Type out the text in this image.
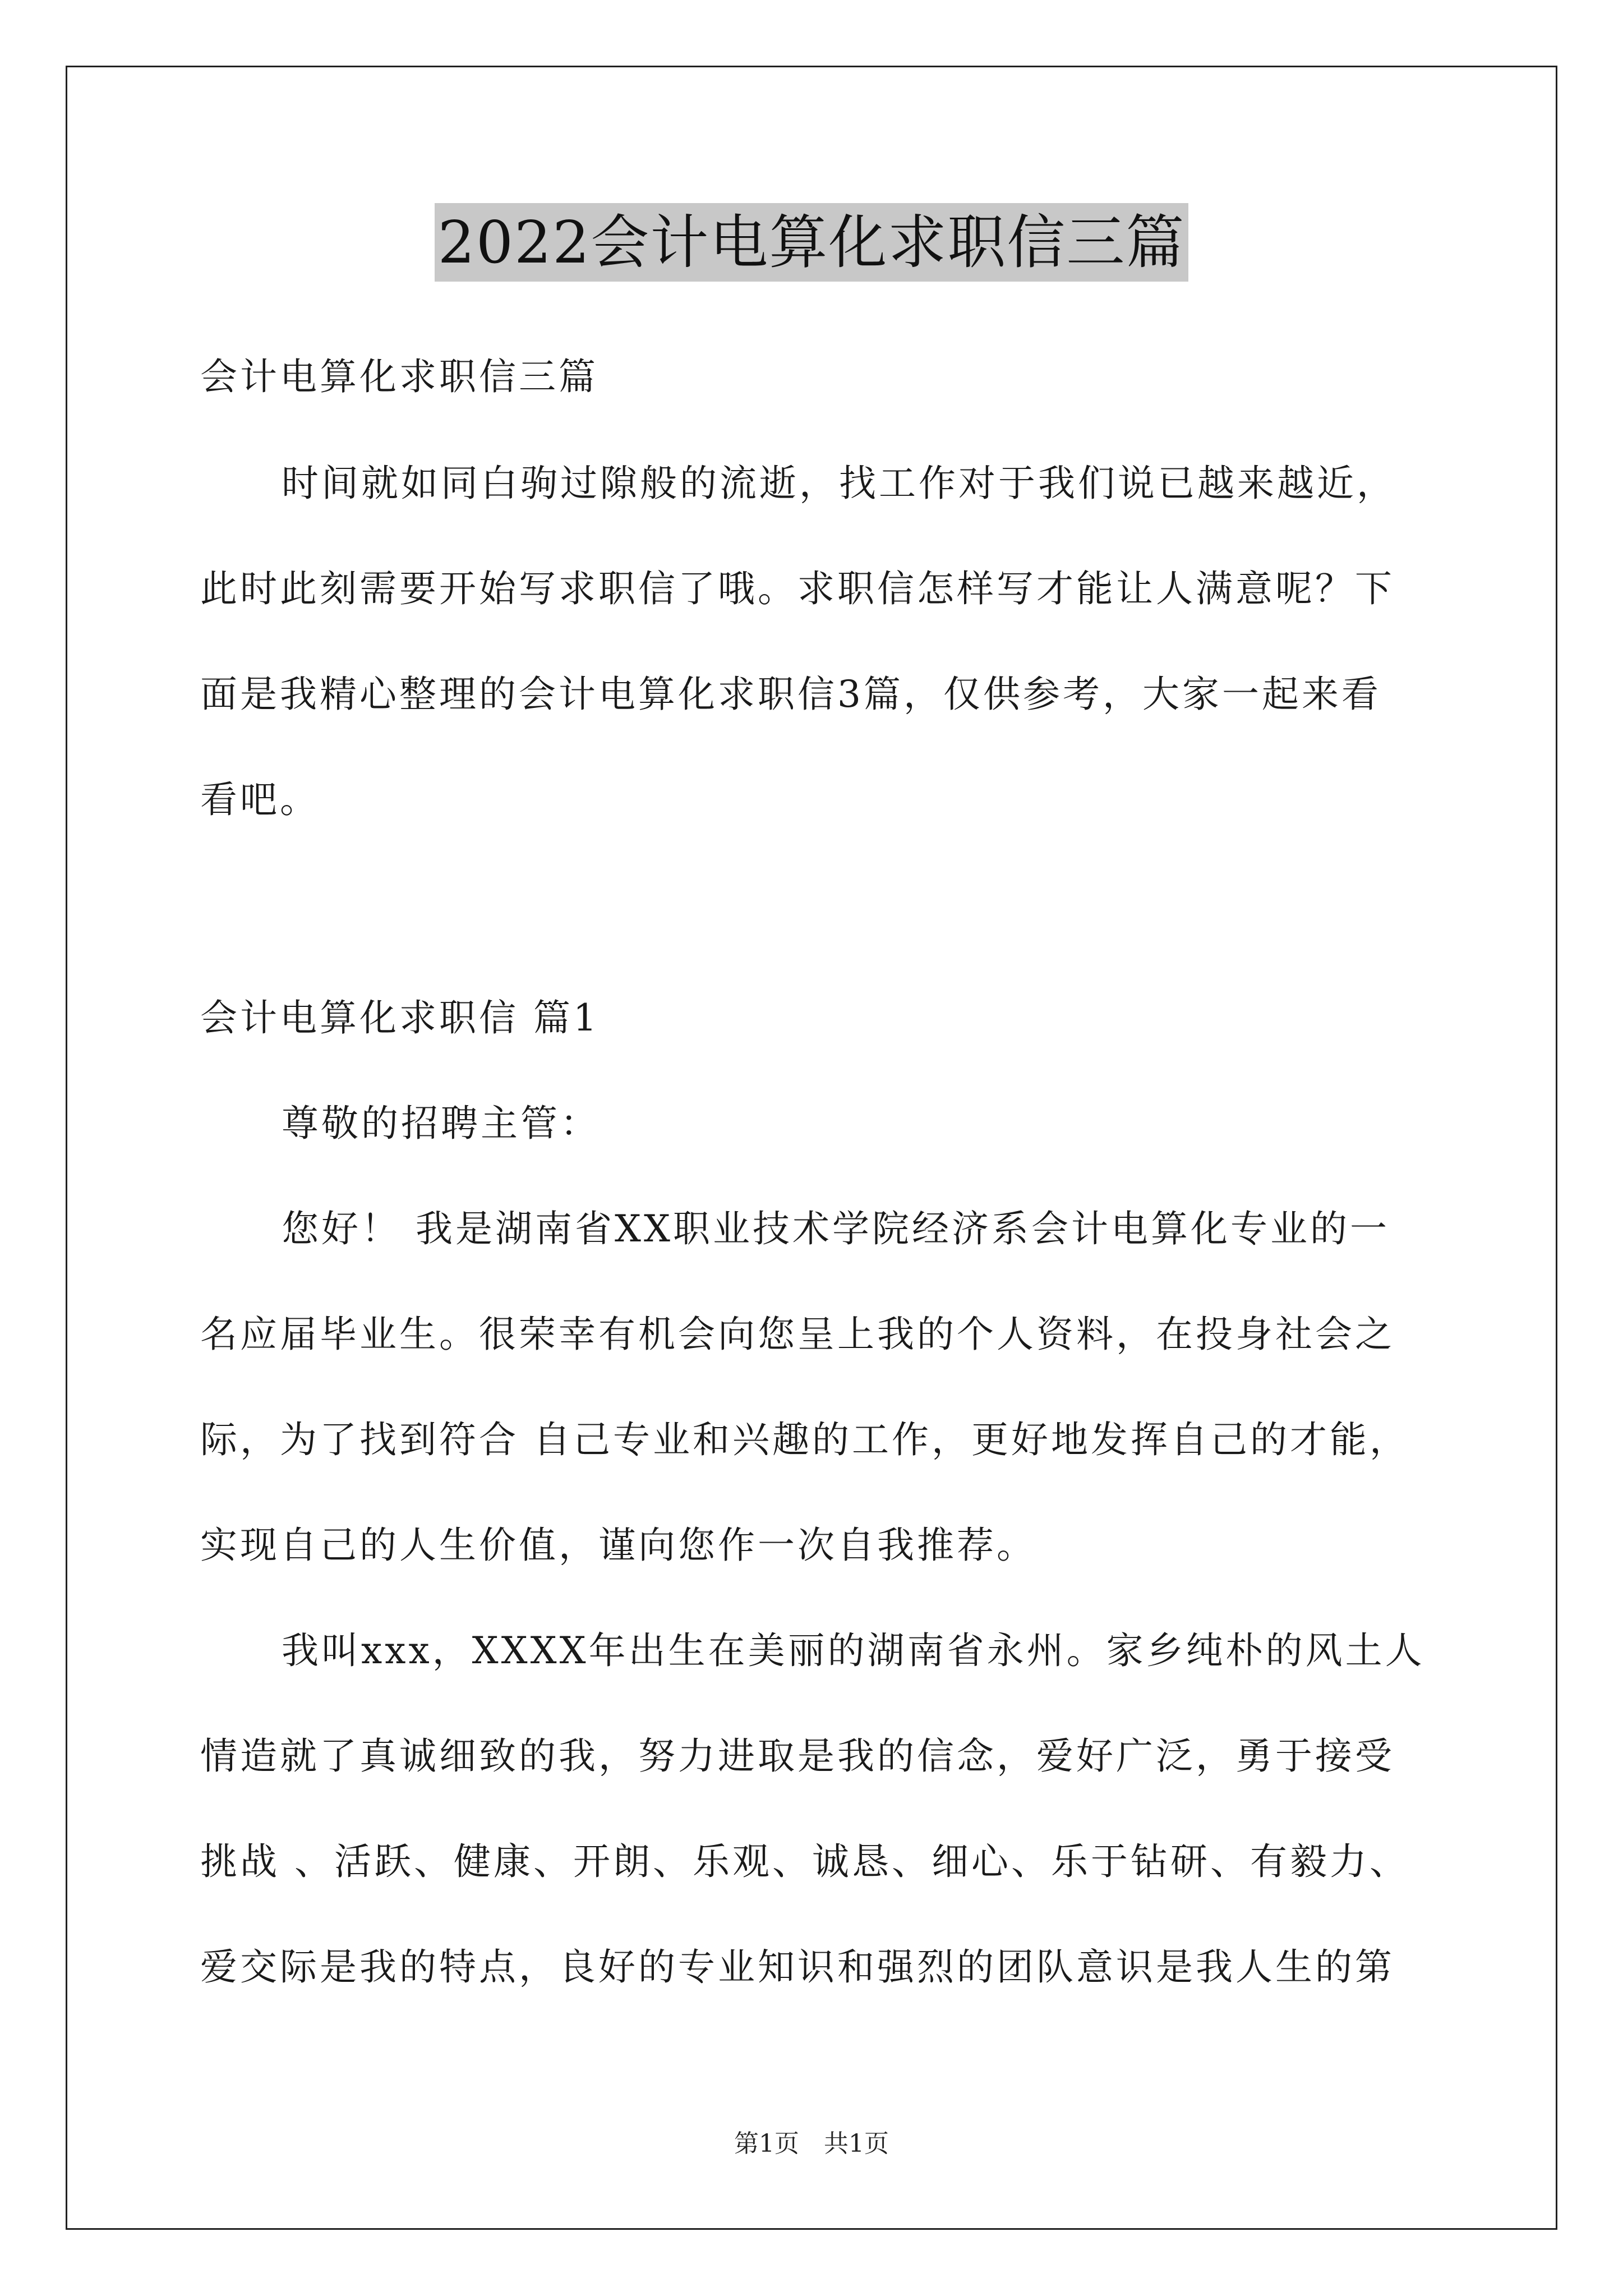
2022会计电算化求职信三篇
会计电算化求职信三篇
时间就如同白驹过隙般的流逝，找工作对于我们说已越来越近，
此时此刻需要开始写求职信了哦。求职信怎样写才能让人满意呢？下
面是我精心整理的会计电算化求职信3篇，仅供参考，大家一起来看
看吧。
会计电算化求职信 篇1
尊敬的招聘主管：
您好！ 我是湖南省XX职业技术学院经济系会计电算化专业的一
名应届毕业生。很荣幸有机会向您呈上我的个人资料，在投身社会之
际，为了找到符合 自己专业和兴趣的工作，更好地发挥自己的才能，
实现自己的人生价值，谨向您作一次自我推荐。
我叫xxx，XXXX年出生在美丽的湖南省永州。家乡纯朴的风土人
情造就了真诚细致的我，努力进取是我的信念，爱好广泛，勇于接受
挑战 、活跃、健康、开朗、乐观、诚恳、细心、乐于钻研、有毅力、
爱交际是我的特点，良好的专业知识和强烈的团队意识是我人生的第
第1页　共1页
